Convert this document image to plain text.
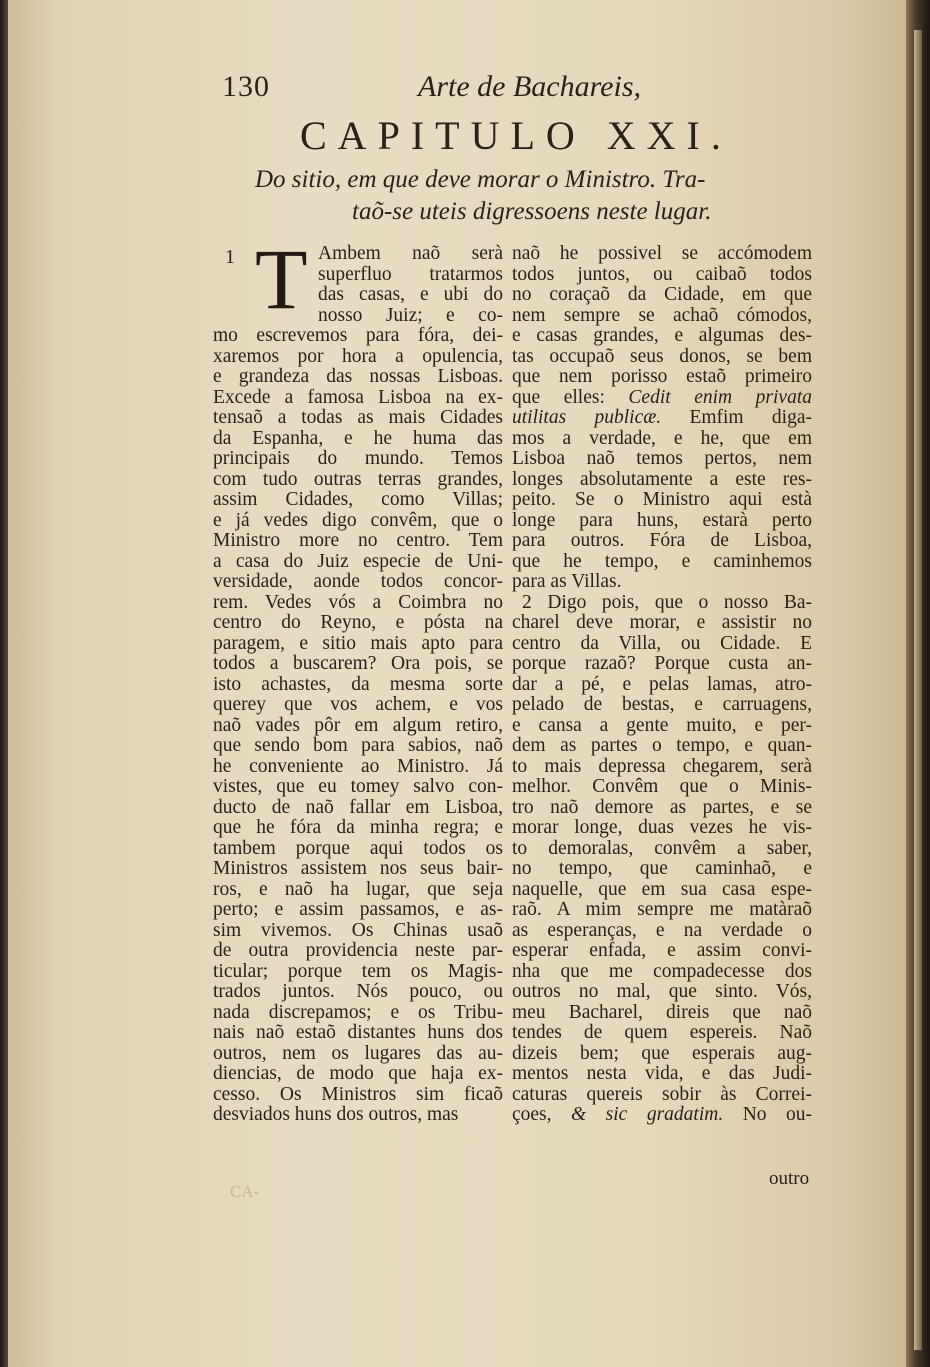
130	Arte de Bachareis,
CAPITULO XXI.
Do sitio, em que deve morar o Ministro. Tra-
taõ-se uteis digressoens neste lugar.
1 T Ambem naõ serà
superfluo tratarmos
das casas, e ubi do
nosso Juiz; e co-
mo escrevemos para fóra, dei-
xaremos por hora a opulencia,
e grandeza das nossas Lisboas.
Excede a famosa Lisboa na ex-
tensaõ a todas as mais Cidades
da Espanha, e he huma das
principais do mundo. Temos
com tudo outras terras grandes,
assim Cidades, como Villas;
e já vedes digo convêm, que o
Ministro more no centro. Tem
a casa do Juiz especie de Uni-
versidade, aonde todos concor-
rem. Vedes vós a Coimbra no
centro do Reyno, e pósta na
paragem, e sitio mais apto para
todos a buscarem? Ora pois, se
isto achastes, da mesma sorte
querey que vos achem, e vos
naõ vades pôr em algum retiro,
que sendo bom para sabios, naõ
he conveniente ao Ministro. Já
vistes, que eu tomey salvo con-
ducto de naõ fallar em Lisboa,
que he fóra da minha regra; e
tambem porque aqui todos os
Ministros assistem nos seus bair-
ros, e naõ ha lugar, que seja
perto; e assim passamos, e as-
sim vivemos. Os Chinas usaõ
de outra providencia neste par-
ticular; porque tem os Magis-
trados juntos. Nós pouco, ou
nada discrepamos; e os Tribu-
nais naõ estaõ distantes huns dos
outros, nem os lugares das au-
diencias, de modo que haja ex-
cesso. Os Ministros sim ficaõ
desviados huns dos outros, mas
naõ he possivel se accómodem
todos juntos, ou caibaõ todos
no coraçaõ da Cidade, em que
nem sempre se achaõ cómodos,
e casas grandes, e algumas des-
tas occupaõ seus donos, se bem
que nem porisso estaõ primeiro
que elles: Cedit enim privata
utilitas publicæ. Emfim diga-
mos a verdade, e he, que em
Lisboa naõ temos pertos, nem
longes absolutamente a este res-
peito. Se o Ministro aqui està
longe para huns, estarà perto
para outros. Fóra de Lisboa,
que he tempo, e caminhemos
para as Villas.
2 Digo pois, que o nosso Ba-
charel deve morar, e assistir no
centro da Villa, ou Cidade. E
porque razaõ? Porque custa an-
dar a pé, e pelas lamas, atro-
pelado de bestas, e carruagens,
e cansa a gente muito, e per-
dem as partes o tempo, e quan-
to mais depressa chegarem, serà
melhor. Convêm que o Minis-
tro naõ demore as partes, e se
morar longe, duas vezes he vis-
to demoralas, convêm a saber,
no tempo, que caminhaõ, e
naquelle, que em sua casa espe-
raõ. A mim sempre me matàraõ
as esperanças, e na verdade o
esperar enfada, e assim convi-
nha que me compadecesse dos
outros no mal, que sinto. Vós,
meu Bacharel, direis que naõ
tendes de quem espereis. Naõ
dizeis bem; que esperais aug-
mentos nesta vida, e das Judi-
caturas quereis sobir às Correi-
çoes, & sic gradatim. No ou-
outro
CA-
